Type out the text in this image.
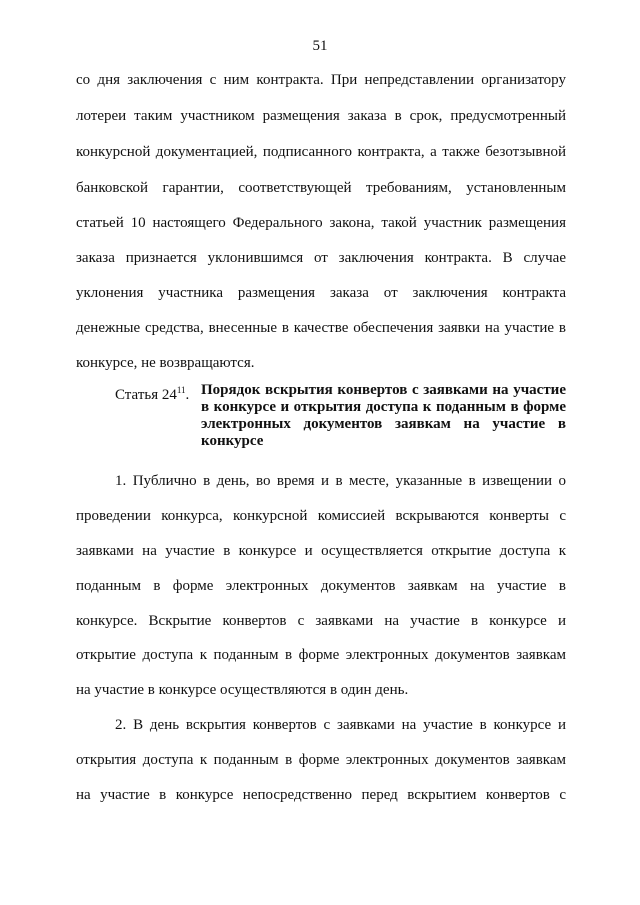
51
со дня заключения с ним контракта. При непредставлении организатору
лотереи таким участником размещения заказа в срок, предусмотренный
конкурсной документацией, подписанного контракта, а также безотзывной
банковской гарантии, соответствующей требованиям, установленным
статьей 10 настоящего Федерального закона, такой участник размещения
заказа признается уклонившимся от заключения контракта. В случае
уклонения участника размещения заказа от заключения контракта
денежные средства, внесенные в качестве обеспечения заявки на участие в
конкурсе, не возвращаются.
Статья $24^{11}$. Порядок вскрытия конвертов с заявками на участие
в конкурсе и открытия доступа к поданным в форме
электронных документов заявкам на участие в
конкурсе
1. Публично в день, во время и в месте, указанные в извещении о
проведении конкурса, конкурсной комиссией вскрываются конверты с
заявками на участие в конкурсе и осуществляется открытие доступа к
поданным в форме электронных документов заявкам на участие в
конкурсе. Вскрытие конвертов с заявками на участие в конкурсе и
открытие доступа к поданным в форме электронных документов заявкам
на участие в конкурсе осуществляются в один день.
2. В день вскрытия конвертов с заявками на участие в конкурсе и
открытия доступа к поданным в форме электронных документов заявкам
на участие в конкурсе непосредственно перед вскрытием конвертов с
